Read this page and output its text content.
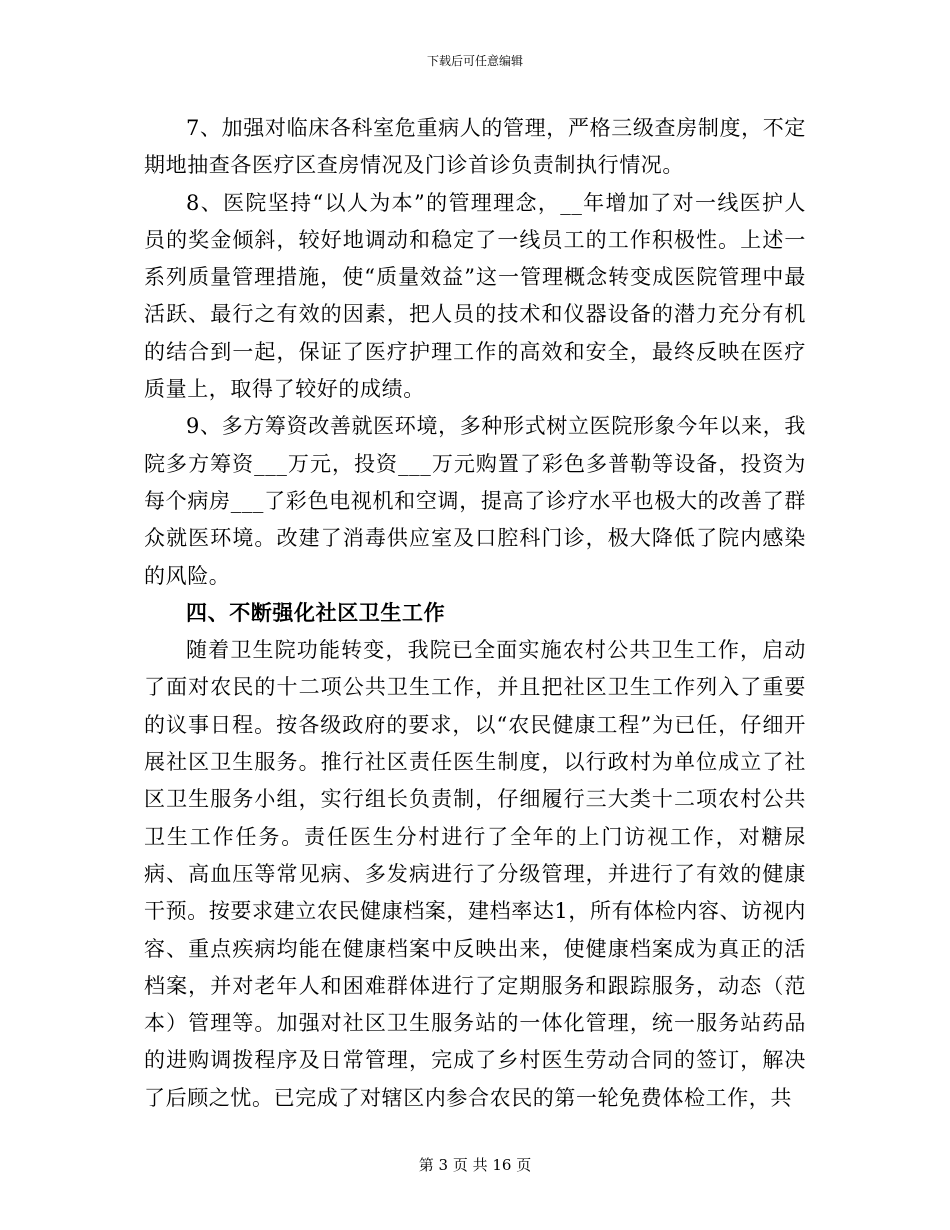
下载后可任意编辑

7、加强对临床各科室危重病人的管理，严格三级查房制度，不定期地抽查各医疗区查房情况及门诊首诊负责制执行情况。

8、医院坚持“以人为本”的管理理念，__年增加了对一线医护人员的奖金倾斜，较好地调动和稳定了一线员工的工作积极性。上述一系列质量管理措施，使“质量效益”这一管理概念转变成医院管理中最活跃、最行之有效的因素，把人员的技术和仪器设备的潜力充分有机的结合到一起，保证了医疗护理工作的高效和安全，最终反映在医疗质量上，取得了较好的成绩。

9、多方筹资改善就医环境，多种形式树立医院形象今年以来，我院多方筹资___万元，投资___万元购置了彩色多普勒等设备，投资为每个病房___了彩色电视机和空调，提高了诊疗水平也极大的改善了群众就医环境。改建了消毒供应室及口腔科门诊，极大降低了院内感染的风险。

四、不断强化社区卫生工作

随着卫生院功能转变，我院已全面实施农村公共卫生工作，启动了面对农民的十二项公共卫生工作，并且把社区卫生工作列入了重要的议事日程。按各级政府的要求，以“农民健康工程”为已任，仔细开展社区卫生服务。推行社区责任医生制度，以行政村为单位成立了社区卫生服务小组，实行组长负责制，仔细履行三大类十二项农村公共卫生工作任务。责任医生分村进行了全年的上门访视工作，对糖尿病、高血压等常见病、多发病进行了分级管理，并进行了有效的健康干预。按要求建立农民健康档案，建档率达1，所有体检内容、访视内容、重点疾病均能在健康档案中反映出来，使健康档案成为真正的活档案，并对老年人和困难群体进行了定期服务和跟踪服务，动态（范本）管理等。加强对社区卫生服务站的一体化管理，统一服务站药品的进购调拨程序及日常管理，完成了乡村医生劳动合同的签订，解决了后顾之忧。已完成了对辖区内参合农民的第一轮免费体检工作，共

第 3 页 共 16 页
